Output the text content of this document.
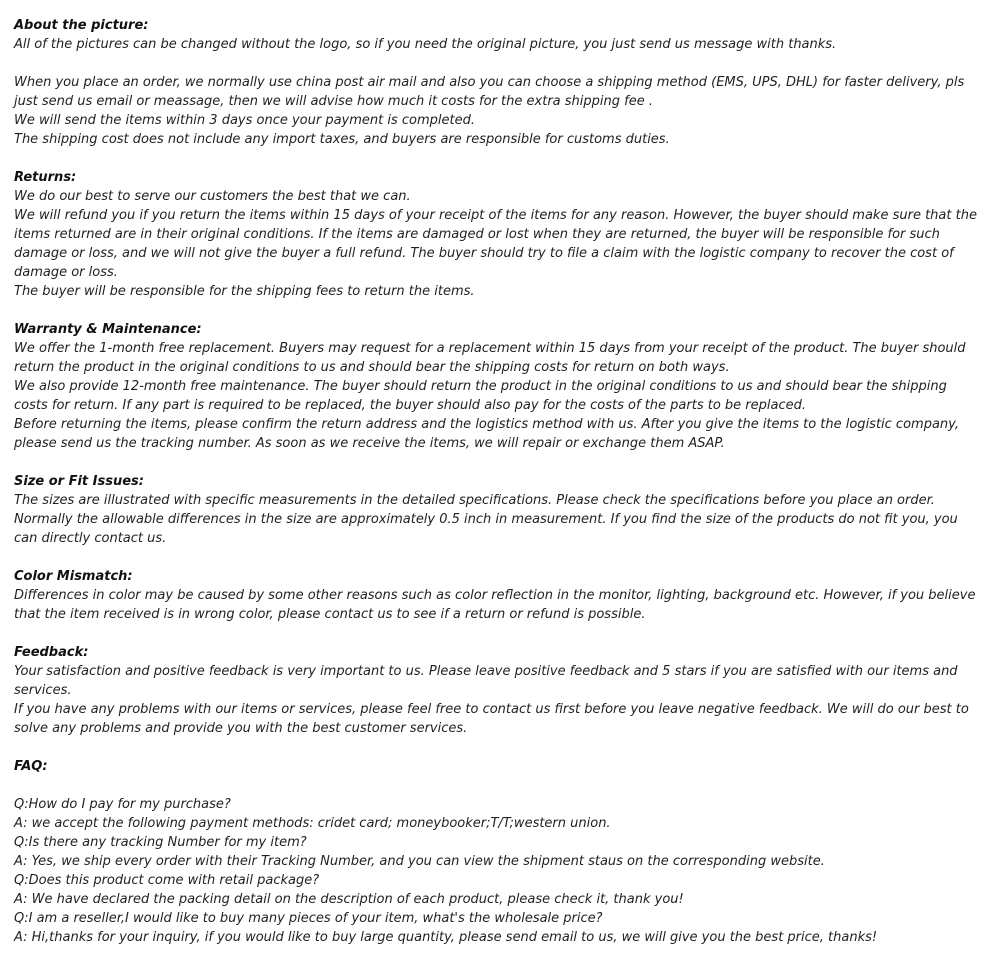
About the picture:
All of the pictures can be changed without the logo, so if you need the original picture, you just send us message with thanks.
When you place an order, we normally use china post air mail and also you can choose a shipping method (EMS, UPS, DHL) for faster delivery, pls just send us email or meassage, then we will advise how much it costs for the extra shipping fee .
We will send the items within 3 days once your payment is completed.
The shipping cost does not include any import taxes, and buyers are responsible for customs duties.
Returns:
We do our best to serve our customers the best that we can.
We will refund you if you return the items within 15 days of your receipt of the items for any reason. However, the buyer should make sure that the items returned are in their original conditions. If the items are damaged or lost when they are returned, the buyer will be responsible for such damage or loss, and we will not give the buyer a full refund. The buyer should try to file a claim with the logistic company to recover the cost of damage or loss.
The buyer will be responsible for the shipping fees to return the items.
Warranty & Maintenance:
We offer the 1-month free replacement. Buyers may request for a replacement within 15 days from your receipt of the product. The buyer should return the product in the original conditions to us and should bear the shipping costs for return on both ways.
We also provide 12-month free maintenance. The buyer should return the product in the original conditions to us and should bear the shipping costs for return. If any part is required to be replaced, the buyer should also pay for the costs of the parts to be replaced.
Before returning the items, please confirm the return address and the logistics method with us. After you give the items to the logistic company, please send us the tracking number. As soon as we receive the items, we will repair or exchange them ASAP.
Size or Fit Issues:
The sizes are illustrated with specific measurements in the detailed specifications. Please check the specifications before you place an order. Normally the allowable differences in the size are approximately 0.5 inch in measurement. If you find the size of the products do not fit you, you can directly contact us.
Color Mismatch:
Differences in color may be caused by some other reasons such as color reflection in the monitor, lighting, background etc. However, if you believe that the item received is in wrong color, please contact us to see if a return or refund is possible.
Feedback:
Your satisfaction and positive feedback is very important to us. Please leave positive feedback and 5 stars if you are satisfied with our items and services.
If you have any problems with our items or services, please feel free to contact us first before you leave negative feedback. We will do our best to solve any problems and provide you with the best customer services.
FAQ:
Q:How do I pay for my purchase?
A: we accept the following payment methods: cridet card; moneybooker;T/T;western union.
Q:Is there any tracking Number for my item?
A: Yes, we ship every order with their Tracking Number, and you can view the shipment staus on the corresponding website.
Q:Does this product come with retail package?
A: We have declared the packing detail on the description of each product, please check it, thank you!
Q:I am a reseller,I would like to buy many pieces of your item, what's the wholesale price?
A: Hi,thanks for your inquiry, if you would like to buy large quantity, please send email to us, we will give you the best price, thanks!
